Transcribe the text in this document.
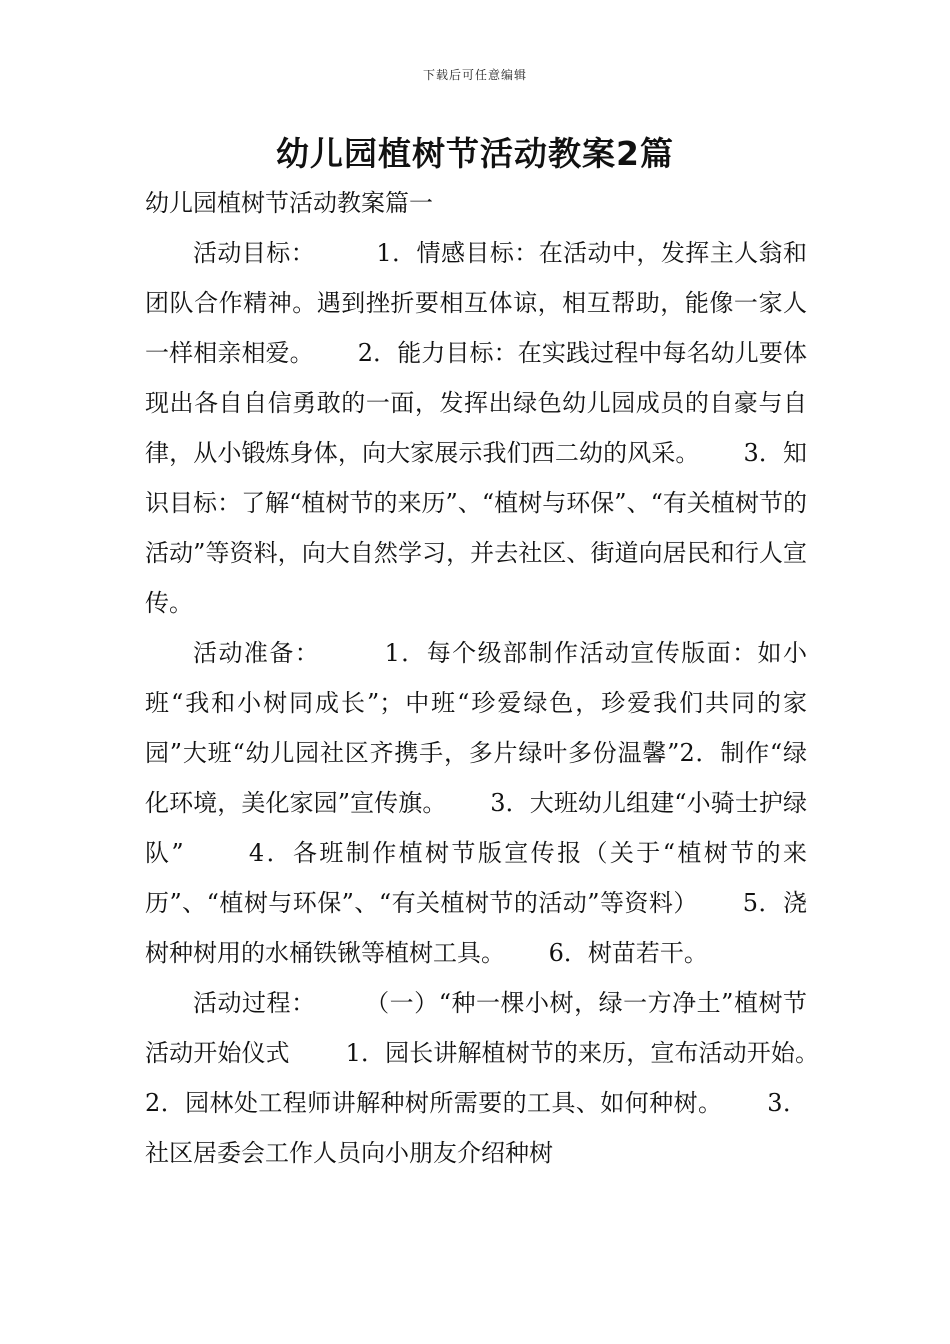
下载后可任意编辑
幼儿园植树节活动教案2篇

幼儿园植树节活动教案篇一

活动目标：　　　1．情感目标：在活动中，发挥主人翁和团队合作精神。遇到挫折要相互体谅，相互帮助，能像一家人一样相亲相爱。　　 2．能力目标：在实践过程中每名幼儿要体现出各自自信勇敢的一面，发挥出绿色幼儿园成员的自豪与自律，从小锻炼身体，向大家展示我们西二幼的风采。　　 3．知识目标：了解“植树节的来历”、“植树与环保”、“有关植树节的活动”等资料，向大自然学习，并去社区、街道向居民和行人宣传。

活动准备：　　　1．每个级部制作活动宣传版面：如小班“我和小树同成长”；中班“珍爱绿色，珍爱我们共同的家园”大班“幼儿园社区齐携手，多片绿叶多份温馨”2．制作“绿化环境，美化家园”宣传旗。　　 3．大班幼儿组建“小骑士护绿队”　　 4．各班制作植树节版宣传报（关于“植树节的来历”、“植树与环保”、“有关植树节的活动”等资料）　　 5．浇树种树用的水桶铁锹等植树工具。　　 6．树苗若干。

活动过程：　　　（一）“种一棵小树，绿一方净土”植树节活动开始仪式　　 1．园长讲解植树节的来历，宣布活动开始。　　 2．园林处工程师讲解种树所需要的工具、如何种树。　　 3．社区居委会工作人员向小朋友介绍种树
